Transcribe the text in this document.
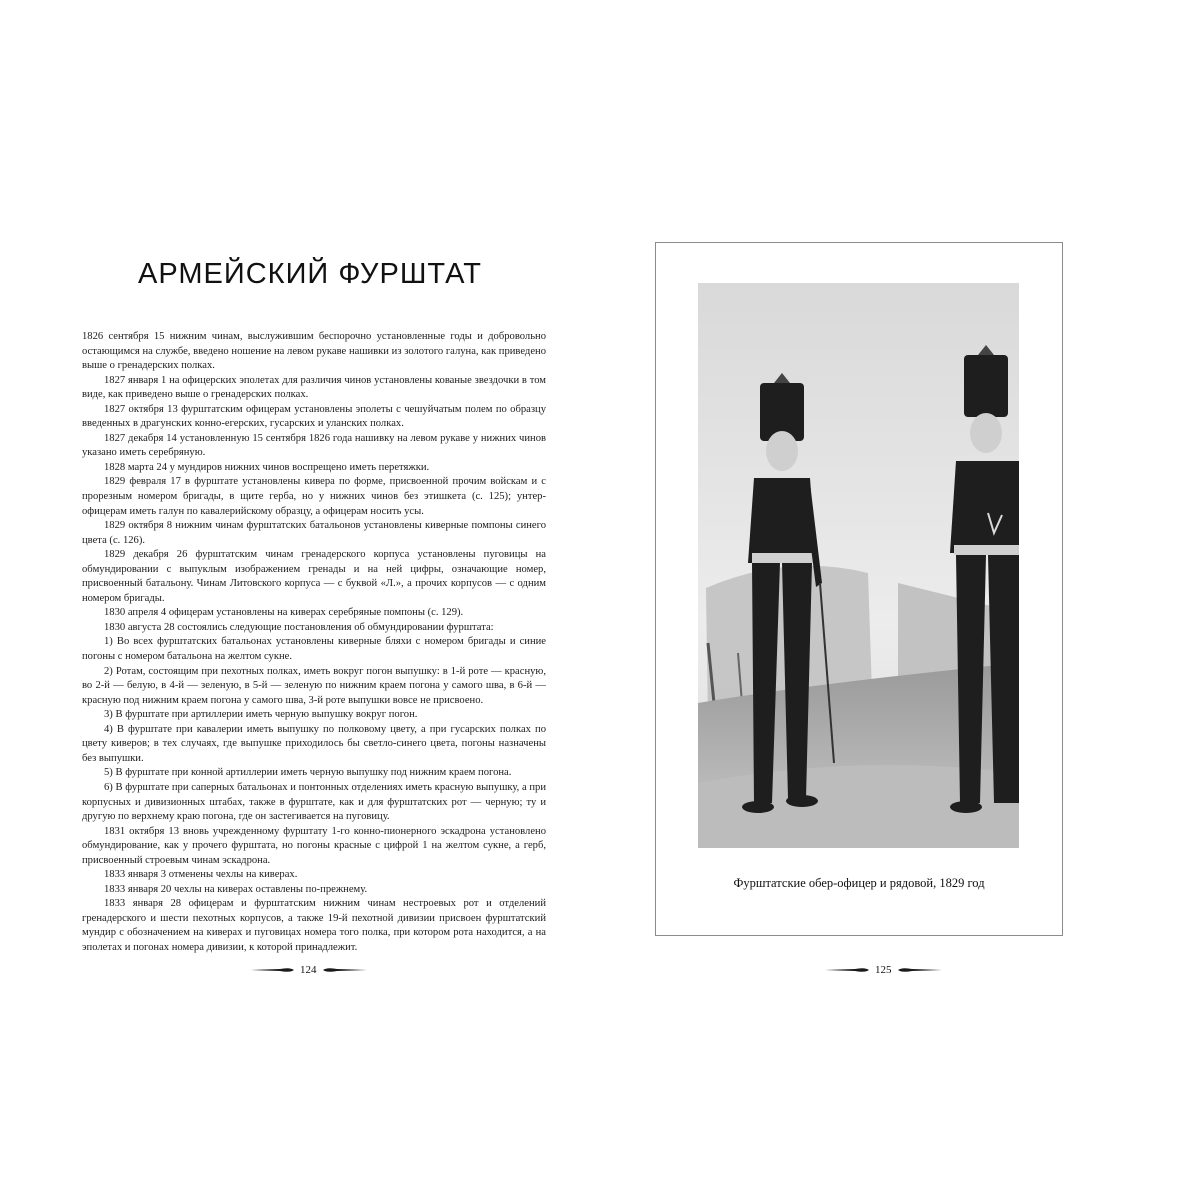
АРМЕЙСКИЙ ФУРШТАТ

1826 сентября 15 нижним чинам, выслужившим беспорочно установленные годы и добровольно остающимся на службе, введено ношение на левом рукаве нашивки из золотого галуна, как приведено выше о гренадерских полках.

1827 января 1 на офицерских эполетах для различия чинов установлены кованые звездочки в том виде, как приведено выше о гренадерских полках.

1827 октября 13 фурштатским офицерам установлены эполеты с чешуйчатым полем по образцу введенных в драгунских конно-егерских, гусарских и уланских полках.

1827 декабря 14 установленную 15 сентября 1826 года нашивку на левом рукаве у нижних чинов указано иметь серебряную.

1828 марта 24 у мундиров нижних чинов воспрещено иметь перетяжки.

1829 февраля 17 в фурштате установлены кивера по форме, присвоенной прочим войскам и с прорезным номером бригады, в щите герба, но у нижних чинов без этишкета (с. 125); унтер-офицерам иметь галун по кавалерийскому образцу, а офицерам носить усы.

1829 октября 8 нижним чинам фурштатских батальонов установлены киверные помпоны синего цвета (с. 126).

1829 декабря 26 фурштатским чинам гренадерского корпуса установлены пуговицы на обмундировании с выпуклым изображением гренады и на ней цифры, означающие номер, присвоенный батальону. Чинам Литовского корпуса — с буквой «Л.», а прочих корпусов — с одним номером бригады.

1830 апреля 4 офицерам установлены на киверах серебряные помпоны (с. 129).

1830 августа 28 состоялись следующие постановления об обмундировании фурштата:

1) Во всех фурштатских батальонах установлены киверные бляхи с номером бригады и синие погоны с номером батальона на желтом сукне.

2) Ротам, состоящим при пехотных полках, иметь вокруг погон выпушку: в 1-й роте — красную, во 2-й — белую, в 4-й — зеленую, в 5-й — зеленую по нижним краем погона у самого шва, в 6-й — красную под нижним краем погона у самого шва, 3-й роте выпушки вовсе не присвоено.

3) В фурштате при артиллерии иметь черную выпушку вокруг погон.

4) В фурштате при кавалерии иметь выпушку по полковому цвету, а при гусарских полках по цвету киверов; в тех случаях, где выпушке приходилось бы светло-синего цвета, погоны назначены без выпушки.

5) В фурштате при конной артиллерии иметь черную выпушку под нижним краем погона.

6) В фурштате при саперных батальонах и понтонных отделениях иметь красную выпушку, а при корпусных и дивизионных штабах, также в фурштате, как и для фурштатских рот — черную; ту и другую по верхнему краю погона, где он застегивается на пуговицу.

1831 октября 13 вновь учрежденному фурштату 1-го конно-пионерного эскадрона установлено обмундирование, как у прочего фурштата, но погоны красные с цифрой 1 на желтом сукне, а герб, присвоенный строевым чинам эскадрона.

1833 января 3 отменены чехлы на киверах.

1833 января 20 чехлы на киверах оставлены по-прежнему.

1833 января 28 офицерам и фурштатским нижним чинам нестроевых рот и отделений гренадерского и шести пехотных корпусов, а также 19-й пехотной дивизии присвоен фурштатский мундир с обозначением на киверах и пуговицах номера того полка, при котором рота находится, а на эполетах и погонах номера дивизии, к которой принадлежит.

124
Фурштатские обер-офицер и рядовой, 1829 год
125
